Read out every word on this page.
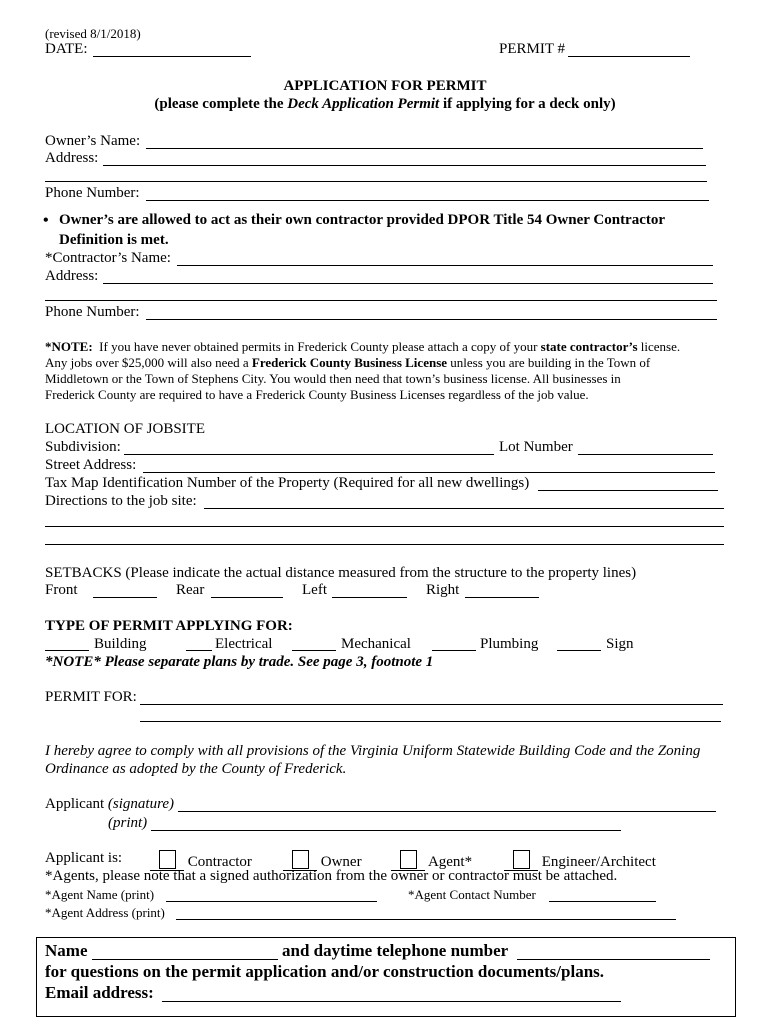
(revised 8/1/2018)
DATE:	PERMIT #
APPLICATION FOR PERMIT
(please complete the Deck Application Permit if applying for a deck only)
Owner’s Name:
Address:
Phone Number:
• Owner’s are allowed to act as their own contractor provided DPOR Title 54 Owner Contractor
Definition is met.
*Contractor’s Name:
Address:
Phone Number:
*NOTE: If you have never obtained permits in Frederick County please attach a copy of your state contractor’s license.
Any jobs over $25,000 will also need a Frederick County Business License unless you are building in the Town of
Middletown or the Town of Stephens City. You would then need that town’s business license. All businesses in
Frederick County are required to have a Frederick County Business Licenses regardless of the job value.
LOCATION OF JOBSITE
Subdivision:	Lot Number
Street Address:
Tax Map Identification Number of the Property (Required for all new dwellings)
Directions to the job site:
SETBACKS (Please indicate the actual distance measured from the structure to the property lines)
Front	Rear	Left	Right
TYPE OF PERMIT APPLYING FOR:
Building	Electrical	Mechanical	Plumbing	Sign
*NOTE* Please separate plans by trade. See page 3, footnote 1
PERMIT FOR:
I hereby agree to comply with all provisions of the Virginia Uniform Statewide Building Code and the Zoning
Ordinance as adopted by the County of Frederick.
Applicant (signature)
(print)
Applicant is:	Contractor	Owner	Agent*	Engineer/Architect
*Agents, please note that a signed authorization from the owner or contractor must be attached.
*Agent Name (print)	*Agent Contact Number
*Agent Address (print)
Name	and daytime telephone number
for questions on the permit application and/or construction documents/plans.
Email address:
